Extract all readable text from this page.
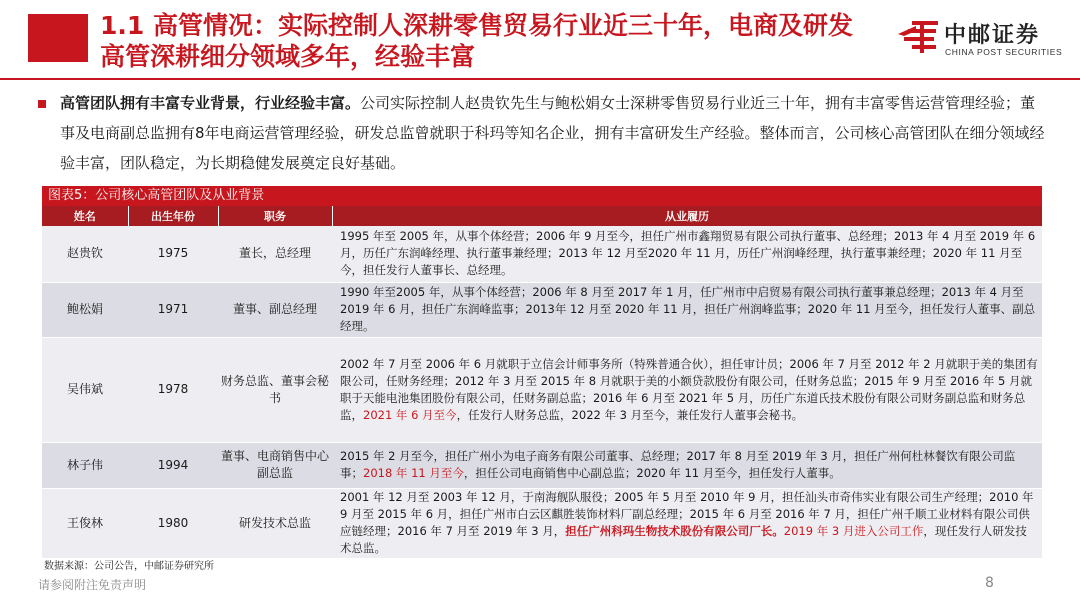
1.1 高管情况：实际控制人深耕零售贸易行业近三十年，电商及研发
高管深耕细分领域多年，经验丰富
中邮证券
CHINA POST SECURITIES
高管团队拥有丰富专业背景，行业经验丰富。公司实际控制人赵贵钦先生与鲍松娟女士深耕零售贸易行业近三十年，拥有丰富零售运营管理经验；董事及电商副总监拥有8年电商运营管理经验，研发总监曾就职于科玛等知名企业，拥有丰富研发生产经验。整体而言，公司核心高管团队在细分领域经验丰富，团队稳定，为长期稳健发展奠定良好基础。
图表5：公司核心高管团队及从业背景
姓名	出生年份	职务	从业履历
赵贵钦	1975	董长，总经理	1995 年至 2005 年，从事个体经营；2006 年 9 月至今，担任广州市鑫翔贸易有限公司执行董事、总经理；2013 年 4 月至 2019 年 6 月，历任广东润峰经理、执行董事兼经理；2013 年 12 月至2020 年 11 月，历任广州润峰经理，执行董事兼经理；2020 年 11 月至今，担任发行人董事长、总经理。
鲍松娟	1971	董事、副总经理	1990 年至2005 年，从事个体经营；2006 年 8 月至 2017 年 1 月，任广州市中启贸易有限公司执行董事兼总经理；2013 年 4 月至 2019 年 6 月，担任广东润峰监事；2013年 12 月至 2020 年 11 月，担任广州润峰监事；2020 年 11 月至今，担任发行人董事、副总经理。
吴伟斌	1978	财务总监、董事会秘书	2002 年 7 月至 2006 年 6 月就职于立信会计师事务所（特殊普通合伙），担任审计员；2006 年 7 月至 2012 年 2 月就职于美的集团有限公司，任财务经理；2012 年 3 月至 2015 年 8 月就职于美的小额贷款股份有限公司，任财务总监；2015 年 9 月至 2016 年 5 月就职于天能电池集团股份有限公司，任财务副总监；2016 年 6 月至 2021 年 5 月，历任广东道氏技术股份有限公司财务副总监和财务总监，2021 年 6 月至今，任发行人财务总监，2022 年 3 月至今，兼任发行人董事会秘书。
林子伟	1994	董事、电商销售中心副总监	2015 年 2 月至今，担任广州小为电子商务有限公司董事、总经理；2017 年 8 月至 2019 年 3 月，担任广州何杜林餐饮有限公司监事；2018 年 11 月至今，担任公司电商销售中心副总监；2020 年 11 月至今，担任发行人董事。
王俊林	1980	研发技术总监	2001 年 12 月至 2003 年 12 月，于南海舰队服役；2005 年 5 月至 2010 年 9 月，担任汕头市奇伟实业有限公司生产经理；2010 年 9 月至 2015 年 6 月，担任广州市白云区麒胜装饰材料厂副总经理；2015 年 6 月至 2016 年 7 月，担任广州千顺工业材料有限公司供应链经理；2016 年 7 月至 2019 年 3 月，担任广州科玛生物技术股份有限公司厂长。2019 年 3 月进入公司工作，现任发行人研发技术总监。
数据来源：公司公告，中邮证券研究所
请参阅附注免责声明	8
